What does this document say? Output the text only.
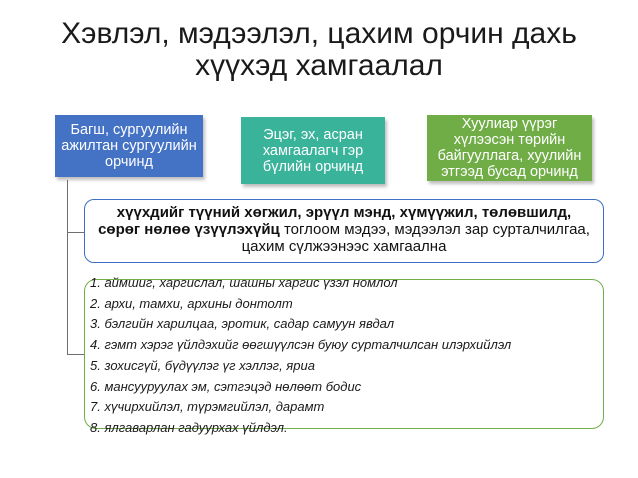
Хэвлэл, мэдээлэл, цахим орчин дахь хүүхэд хамгаалал
Багш, сургуулийн ажилтан сургуулийн орчинд
Эцэг, эх, асран хамгаалагч гэр бүлийн орчинд
Хуулиар үүрэг хүлээсэн төрийн байгууллага, хуулийн этгээд бусад орчинд
хүүхдийг түүний хөгжил, эрүүл мэнд, хүмүүжил, төлөвшилд, сөрөг нөлөө үзүүлэхүйц тоглоом мэдээ, мэдээлэл зар сурталчилгаа, цахим сүлжээнээс хамгаална
1. аймшиг, харгислал, шашны харгис үзэл номлол
2. архи, тамхи, архины донтолт
3. бэлгийн харилцаа, эротик, садар самуун явдал
4. гэмт хэрэг үйлдэхийг өөгшүүлсэн буюу сурталчилсан илэрхийлэл
5. зохисгүй, бүдүүлэг үг хэллэг, яриа
6. мансууруулах эм, сэтгэцэд нөлөөт бодис
7. хүчирхийлэл, түрэмгийлэл, дарамт
8. ялгаварлан гадуурхах үйлдэл.
